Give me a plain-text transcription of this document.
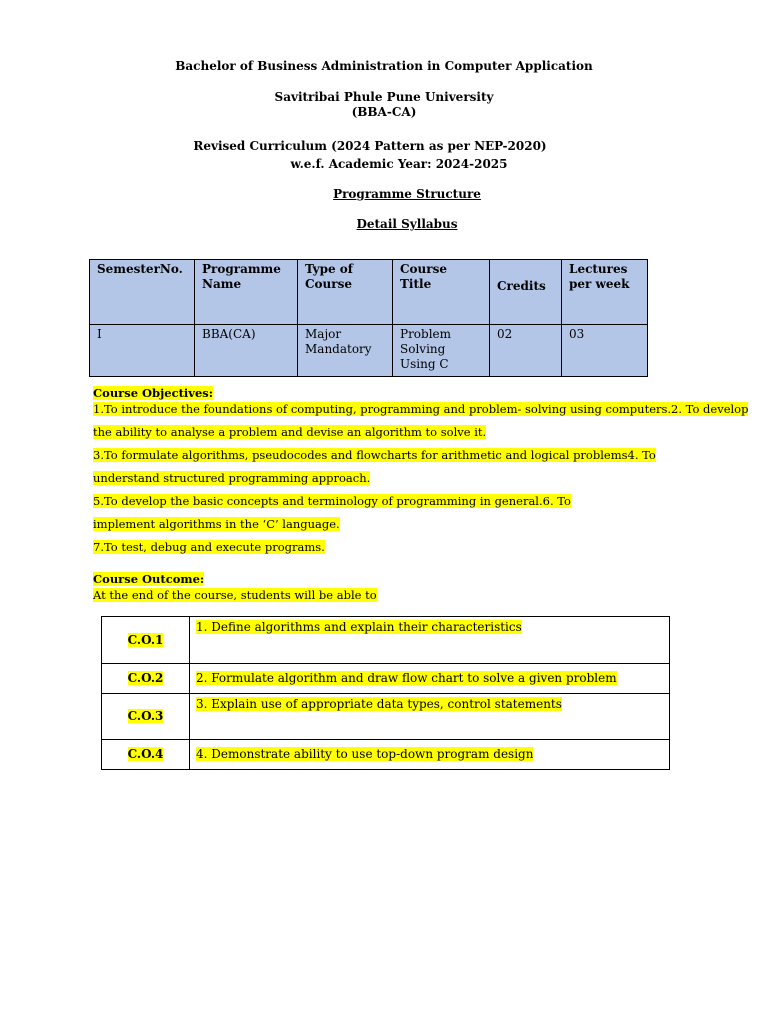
Bachelor of Business Administration in Computer Application
Savitribai Phule Pune University
(BBA-CA)
Revised Curriculum (2024 Pattern as per NEP-2020)
w.e.f. Academic Year: 2024-2025
Programme Structure
Detail Syllabus
SemesterNo.	Programme Name	Type of Course	Course Title	Credits	Lectures per week
I	BBA(CA)	Major Mandatory	Problem Solving Using C	02	03
Course Objectives:
1.To introduce the foundations of computing, programming and problem- solving using computers.2. To develop
the ability to analyse a problem and devise an algorithm to solve it.
3.To formulate algorithms, pseudocodes and flowcharts for arithmetic and logical problems4. To
understand structured programming approach.
5.To develop the basic concepts and terminology of programming in general.6. To
implement algorithms in the ‘C’ language.
7.To test, debug and execute programs.
Course Outcome:
At the end of the course, students will be able to
C.O.1	1. Define algorithms and explain their characteristics
C.O.2	2. Formulate algorithm and draw flow chart to solve a given problem
C.O.3	3. Explain use of appropriate data types, control statements
C.O.4	4. Demonstrate ability to use top-down program design
